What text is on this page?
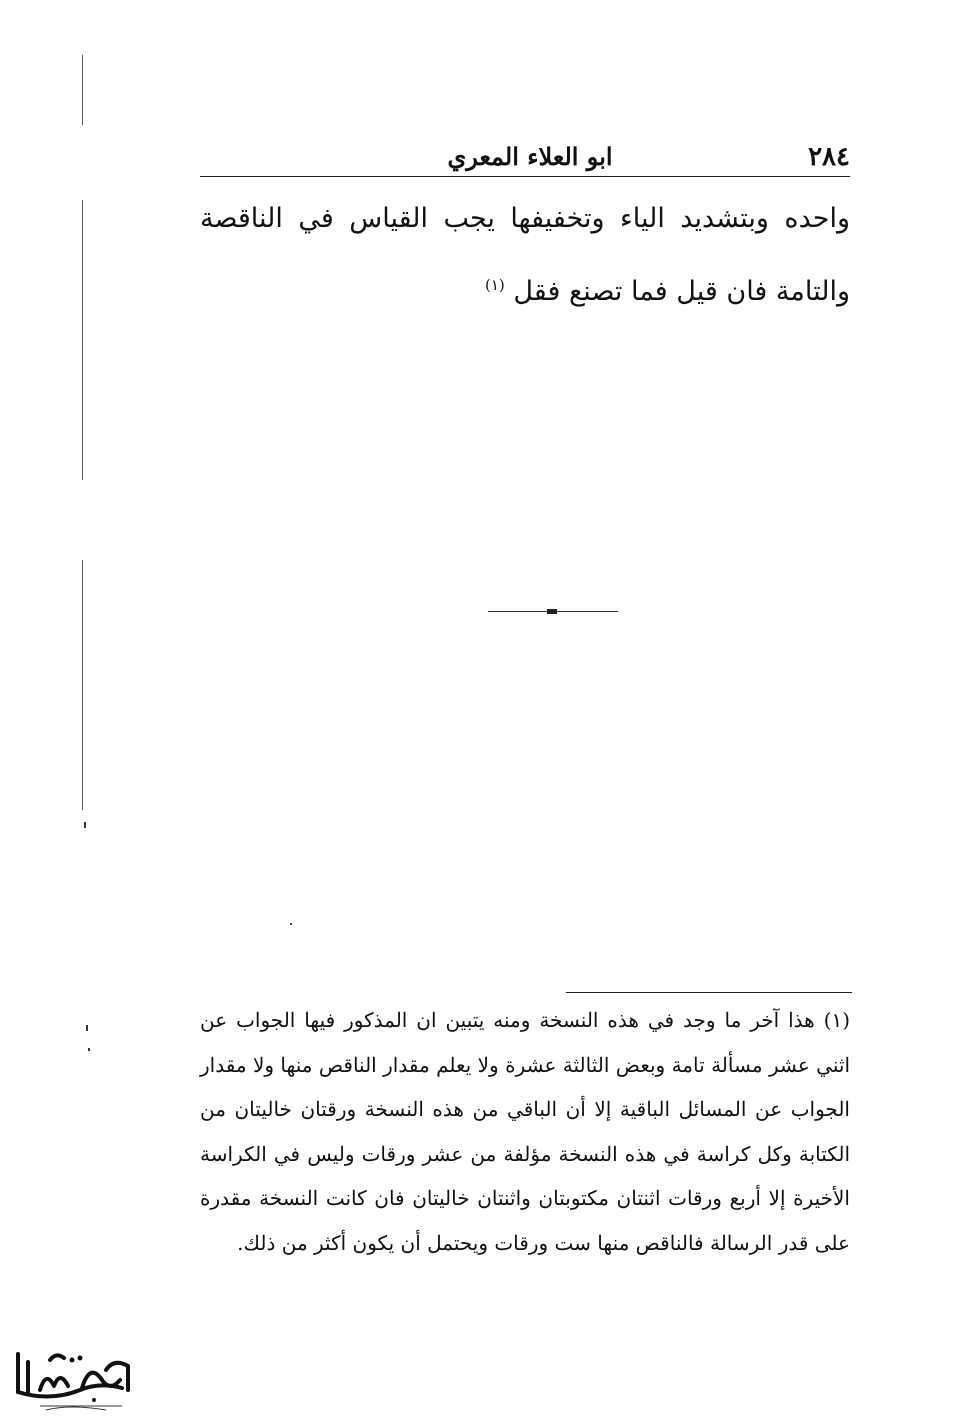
٢٨٤
ابو العلاء المعري
واحده وبتشديد الياء وتخفيفها يجب القياس في الناقصة والتامة فان قيل فما تصنع فقل $^{(١)}$
(١) هذا آخر ما وجد في هذه النسخة ومنه يتبين ان المذكور فيها الجواب عن اثني عشر مسألة تامة وبعض الثالثة عشرة ولا يعلم مقدار الناقص منها ولا مقدار الجواب عن المسائل الباقية إلا أن الباقي من هذه النسخة ورقتان خاليتان من الكتابة وكل كراسة في هذه النسخة مؤلفة من عشر ورقات وليس في الكراسة الأخيرة إلا أربع ورقات اثنتان مكتوبتان واثنتان خاليتان فان كانت النسخة مقدرة على قدر الرسالة فالناقص منها ست ورقات ويحتمل أن يكون أكثر من ذلك.
